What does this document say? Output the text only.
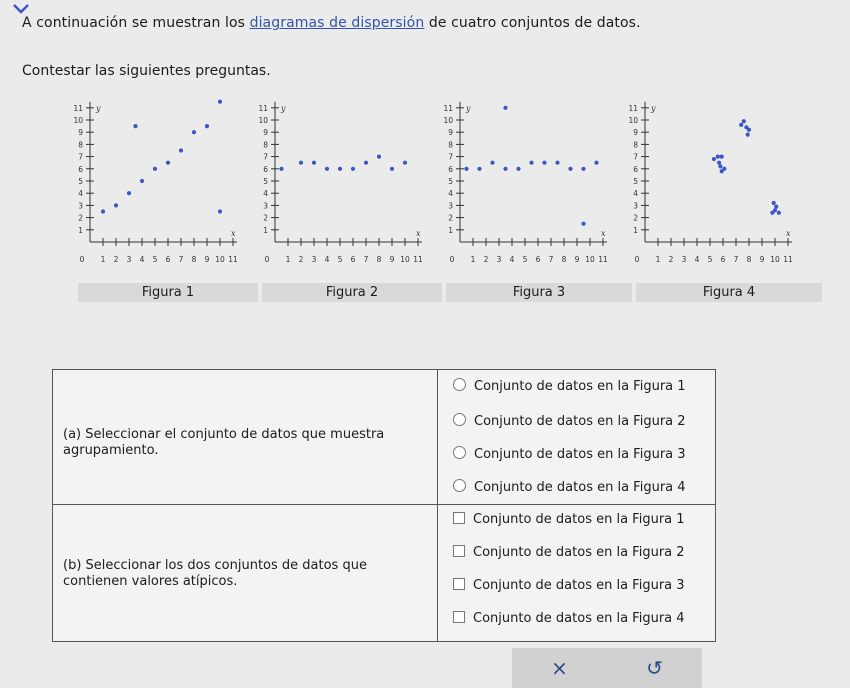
A continuación se muestran los diagramas de dispersión de cuatro conjuntos de datos.

Contestar las siguientes preguntas.

0 1 2 3 4 5 6 7 8 9 10 11
1
2
3
4
5
6
7
8
9
10
11 y
x
0 1 2 3 4 5 6 7 8 9 10 11
1
2
3
4
5
6
7
8
9
10
11 y
x
0 1 2 3 4 5 6 7 8 9 10 11
1
2
3
4
5
6
7
8
9
10
11 y
x
0 1 2 3 4 5 6 7 8 9 10 11
1
2
3
4
5
6
7
8
9
10
11 y
x
Figura 1	Figura 2	Figura 3	Figura 4
(a) Seleccionar el conjunto de datos que muestra agrupamiento.
Conjunto de datos en la Figura 1
Conjunto de datos en la Figura 2
Conjunto de datos en la Figura 3
Conjunto de datos en la Figura 4
(b) Seleccionar los dos conjuntos de datos que contienen valores atípicos.
Conjunto de datos en la Figura 1
Conjunto de datos en la Figura 2
Conjunto de datos en la Figura 3
Conjunto de datos en la Figura 4
×	↺
